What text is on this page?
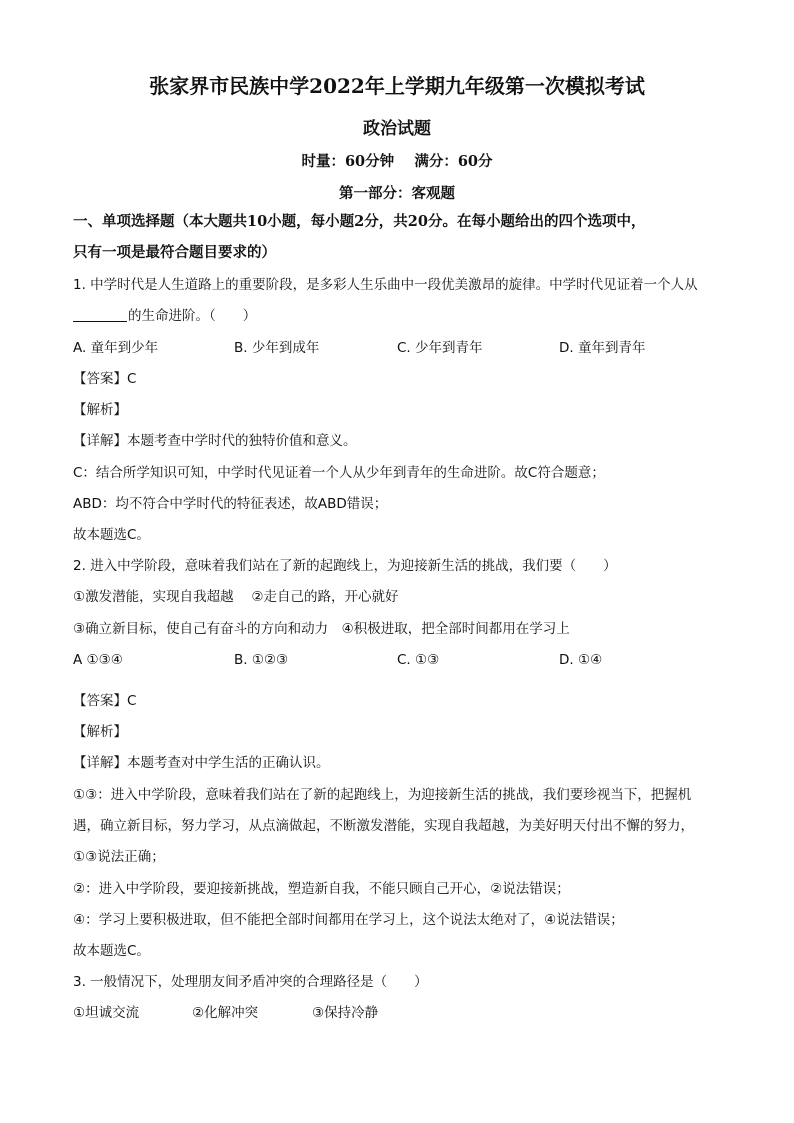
张家界市民族中学2022年上学期九年级第一次模拟考试
政治试题
时量：60分钟    满分：60分
第一部分：客观题
一、单项选择题（本大题共10小题，每小题2分，共20分。在每小题给出的四个选项中，
只有一项是最符合题目要求的）
1. 中学时代是人生道路上的重要阶段，是多彩人生乐曲中一段优美激昂的旋律。中学时代见证着一个人从
的生命进阶。（　　）
A. 童年到少年	B. 少年到成年	C. 少年到青年	D. 童年到青年
【答案】C
【解析】
【详解】本题考查中学时代的独特价值和意义。
C：结合所学知识可知，中学时代见证着一个人从少年到青年的生命进阶。故C符合题意；
ABD：均不符合中学时代的特征表述，故ABD错误；
故本题选C。
2. 进入中学阶段，意味着我们站在了新的起跑线上，为迎接新生活的挑战，我们要（　　）
①激发潜能，实现自我超越　 ②走自己的路，开心就好
③确立新目标，使自己有奋斗的方向和动力　④积极进取，把全部时间都用在学习上
A ①③④	B. ①②③	C. ①③	D. ①④
【答案】C
【解析】
【详解】本题考查对中学生活的正确认识。
①③：进入中学阶段，意味着我们站在了新的起跑线上，为迎接新生活的挑战，我们要珍视当下，把握机
遇，确立新目标，努力学习，从点滴做起，不断激发潜能，实现自我超越，为美好明天付出不懈的努力，
①③说法正确；
②：进入中学阶段，要迎接新挑战，塑造新自我，不能只顾自己开心，②说法错误；
④：学习上要积极进取，但不能把全部时间都用在学习上，这个说法太绝对了，④说法错误；
故本题选C。
3. 一般情况下，处理朋友间矛盾冲突的合理路径是（　　）
①坦诚交流	②化解冲突	③保持冷静
